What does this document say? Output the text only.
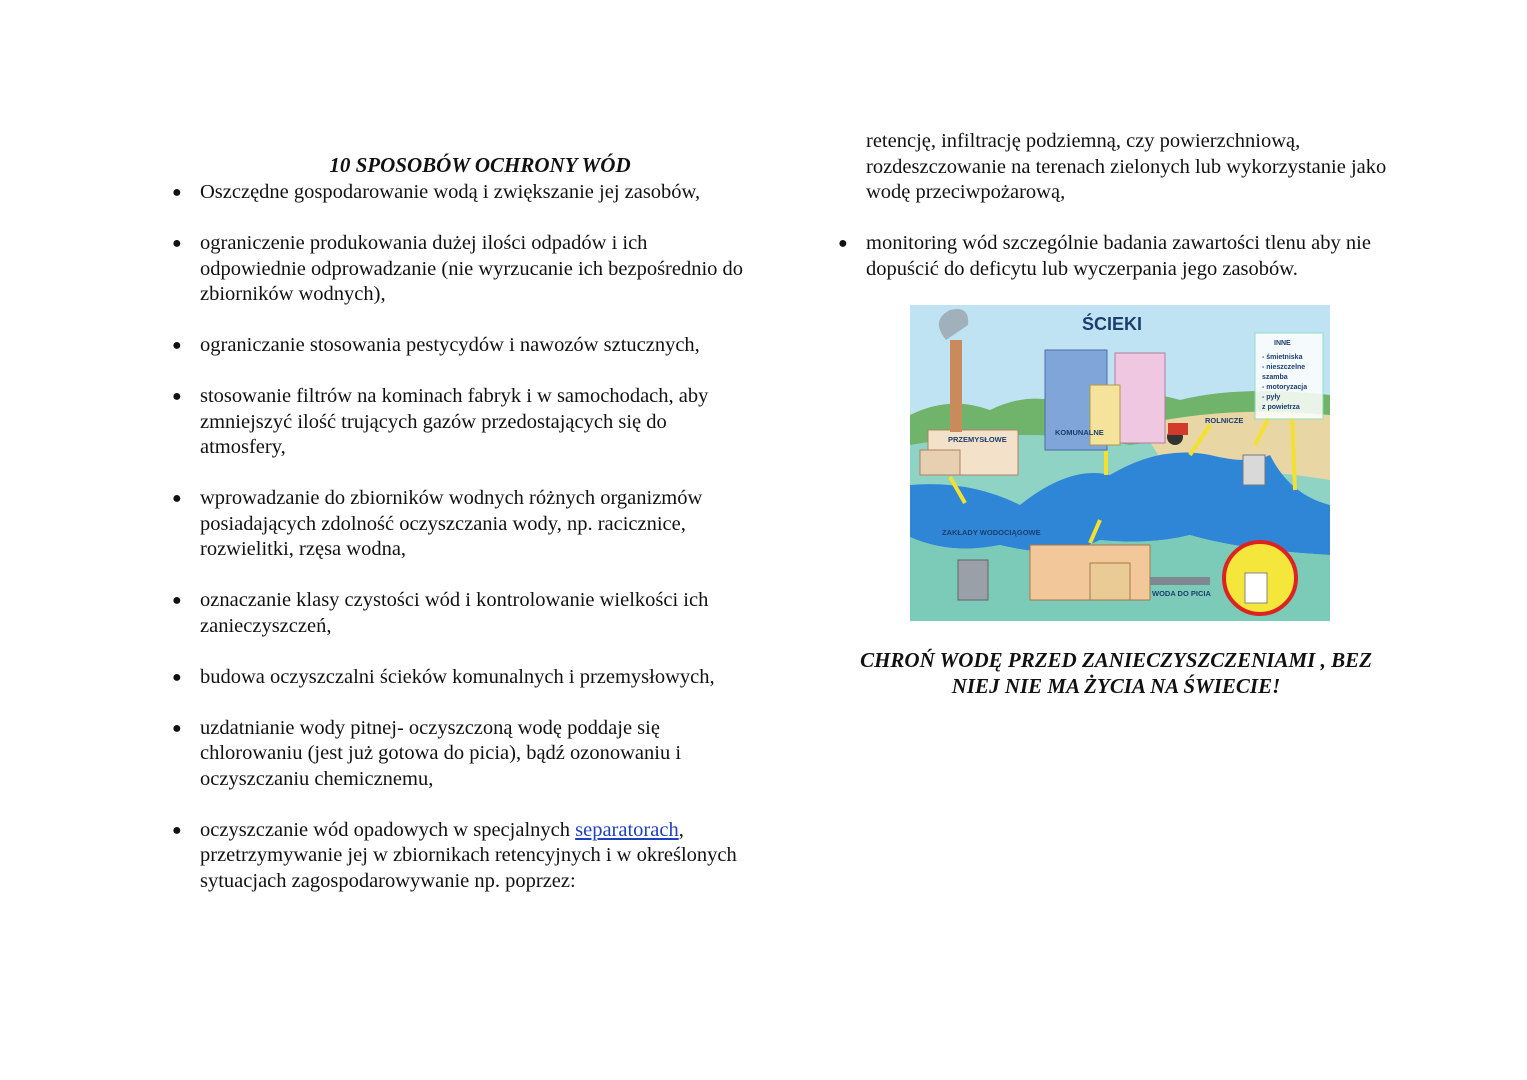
10 SPOSOBÓW OCHRONY WÓD
● Oszczędne gospodarowanie wodą i zwiększanie jej zasobów,
● ograniczenie produkowania dużej ilości odpadów i ich odpowiednie odprowadzanie (nie wyrzucanie ich bezpośrednio do zbiorników wodnych),
● ograniczanie stosowania pestycydów i nawozów sztucznych,
● stosowanie filtrów na kominach fabryk i w samochodach, aby zmniejszyć ilość trujących gazów przedostających się do atmosfery,
● wprowadzanie do zbiorników wodnych różnych organizmów posiadających zdolność oczyszczania wody, np. racicznice, rozwielitki, rzęsa wodna,
● oznaczanie klasy czystości wód i kontrolowanie wielkości ich zanieczyszczeń,
● budowa oczyszczalni ścieków komunalnych i przemysłowych,
● uzdatnianie wody pitnej- oczyszczoną wodę poddaje się chlorowaniu (jest już gotowa do picia), bądź ozonowaniu i oczyszczaniu chemicznemu,
● oczyszczanie wód opadowych w specjalnych separatorach, przetrzymywanie jej w zbiornikach retencyjnych i w określonych sytuacjach zagospodarowywanie np. poprzez:
retencję, infiltrację podziemną, czy powierzchniową, rozdeszczowanie na terenach zielonych lub wykorzystanie jako wodę przeciwpożarową,
● monitoring wód szczególnie badania zawartości tlenu aby nie dopuścić do deficytu lub wyczerpania jego zasobów.
ŚCIEKI
PRZEMYSŁOWE
KOMUNALNE
ROLNICZE
ZAKŁADY WODOCIĄGOWE
WODA DO PICIA
INNE
- śmietniska
- nieszczelne
szamba
- motoryzacja
- pyły
z powietrza
CHROŃ WODĘ PRZED ZANIECZYSZCZENIAMI , BEZ NIEJ NIE MA ŻYCIA NA ŚWIECIE!
